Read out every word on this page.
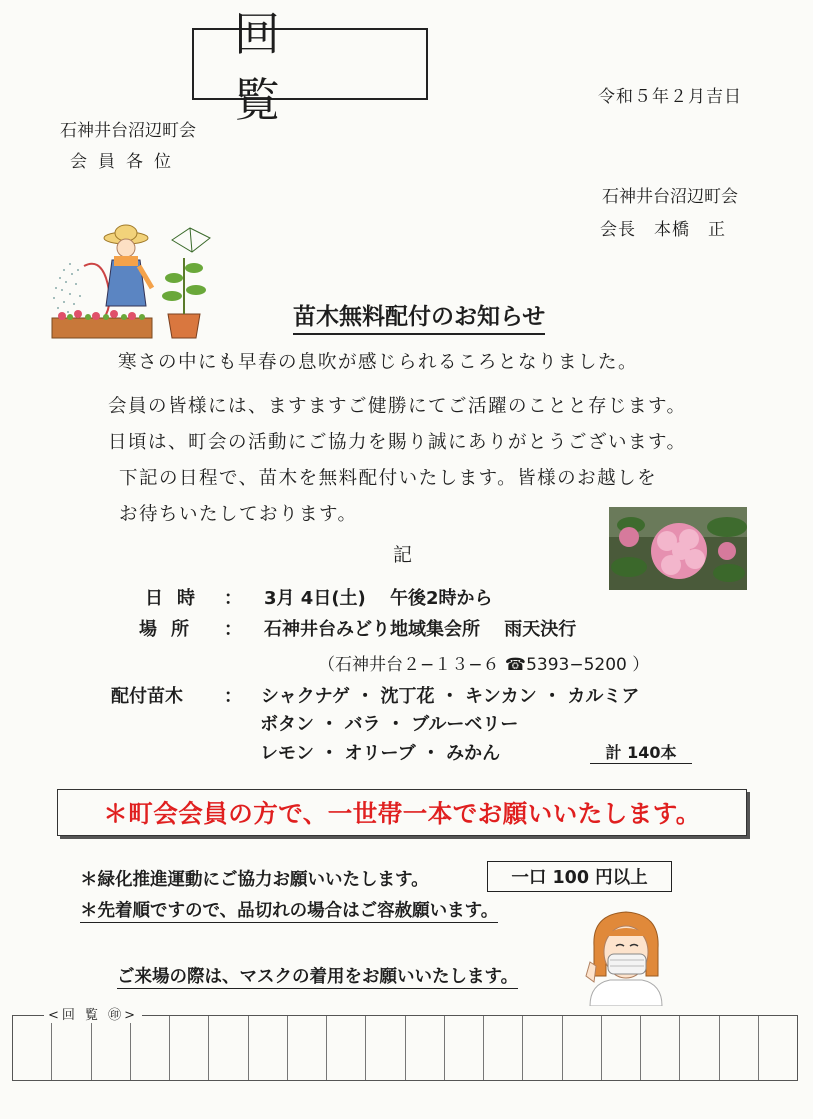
回　覧	令和５年２月吉日
石神井台沼辺町会
会員各位
石神井台沼辺町会
会長　本橋　正
苗木無料配付のお知らせ
寒さの中にも早春の息吹が感じられるころとなりました。
会員の皆様には、ますますご健勝にてご活躍のことと存じます。
日頃は、町会の活動にご協力を賜り誠にありがとうございます。
下記の日程で、苗木を無料配付いたします。皆様のお越しを
お待ちいたしております。
記
日時 ： 3月 4日(土)　 午後2時から
場所 ： 石神井台みどり地域集会所　 雨天決行
（石神井台２−１３−６ ☎5393−5200 ）
配付苗木 ： シャクナゲ ・ 沈丁花 ・ キンカン ・ カルミア
ボタン ・ バラ ・ ブルーベリー
レモン ・ オリーブ ・ みかん	計 140本
＊町会会員の方で、一世帯一本でお願いいたします。
＊緑化推進運動にご協力お願いいたします。	一口 100 円以上
＊先着順ですので、品切れの場合はご容赦願います。
ご来場の際は、マスクの着用をお願いいたします。
<回 覧 ㊞>
